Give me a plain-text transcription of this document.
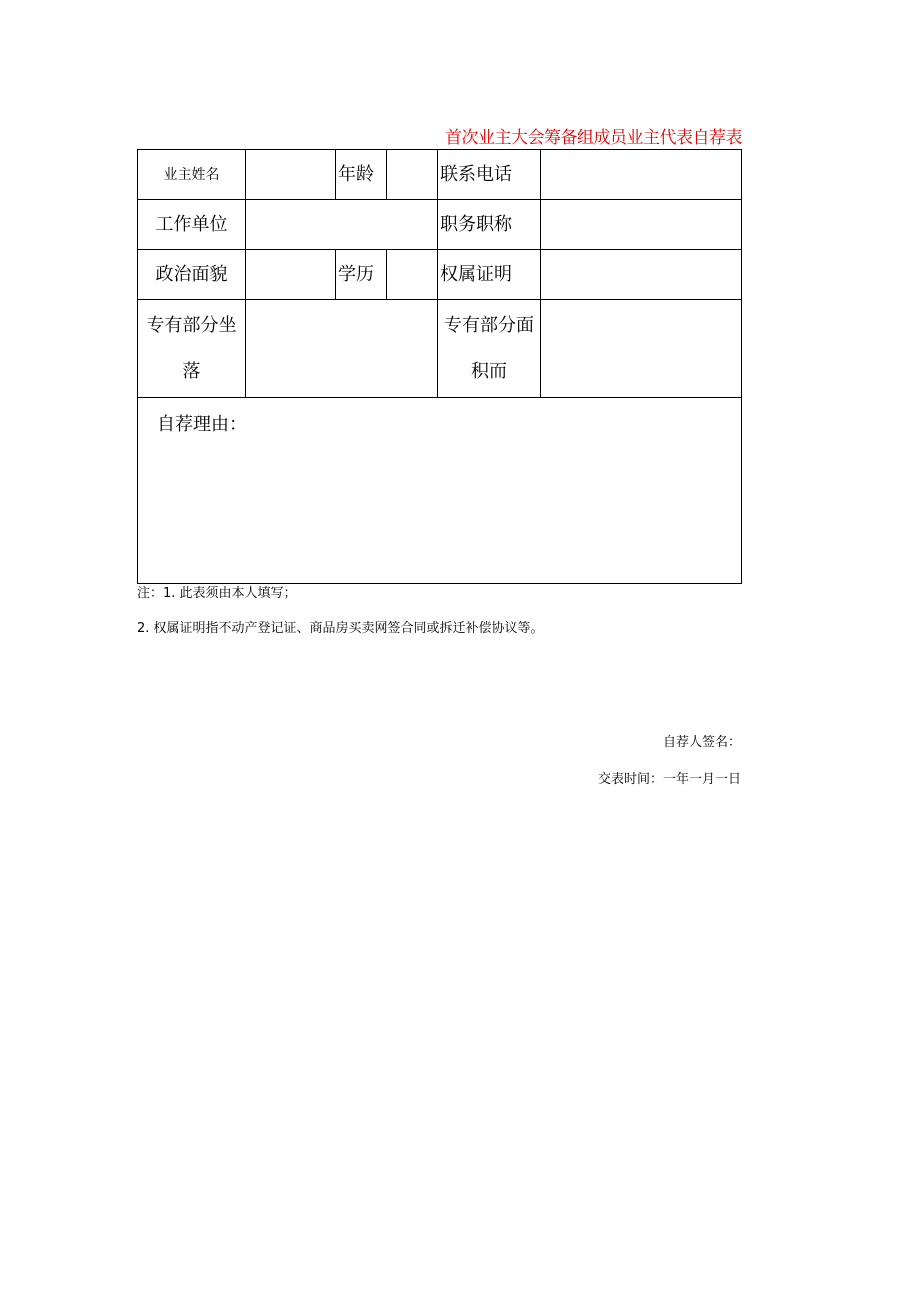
首次业主大会筹备组成员业主代表自荐表
业主姓名		年龄		联系电话	
工作单位				职务职称	
政治面貌		学历		权属证明	
专有部分坐落				专有部分面积而	

自荐理由：					
注：1. 此表须由本人填写；
2. 权属证明指不动产登记证、商品房买卖网签合同或拆迁补偿协议等。
自荐人签名：
交表时间：一年一月一日
